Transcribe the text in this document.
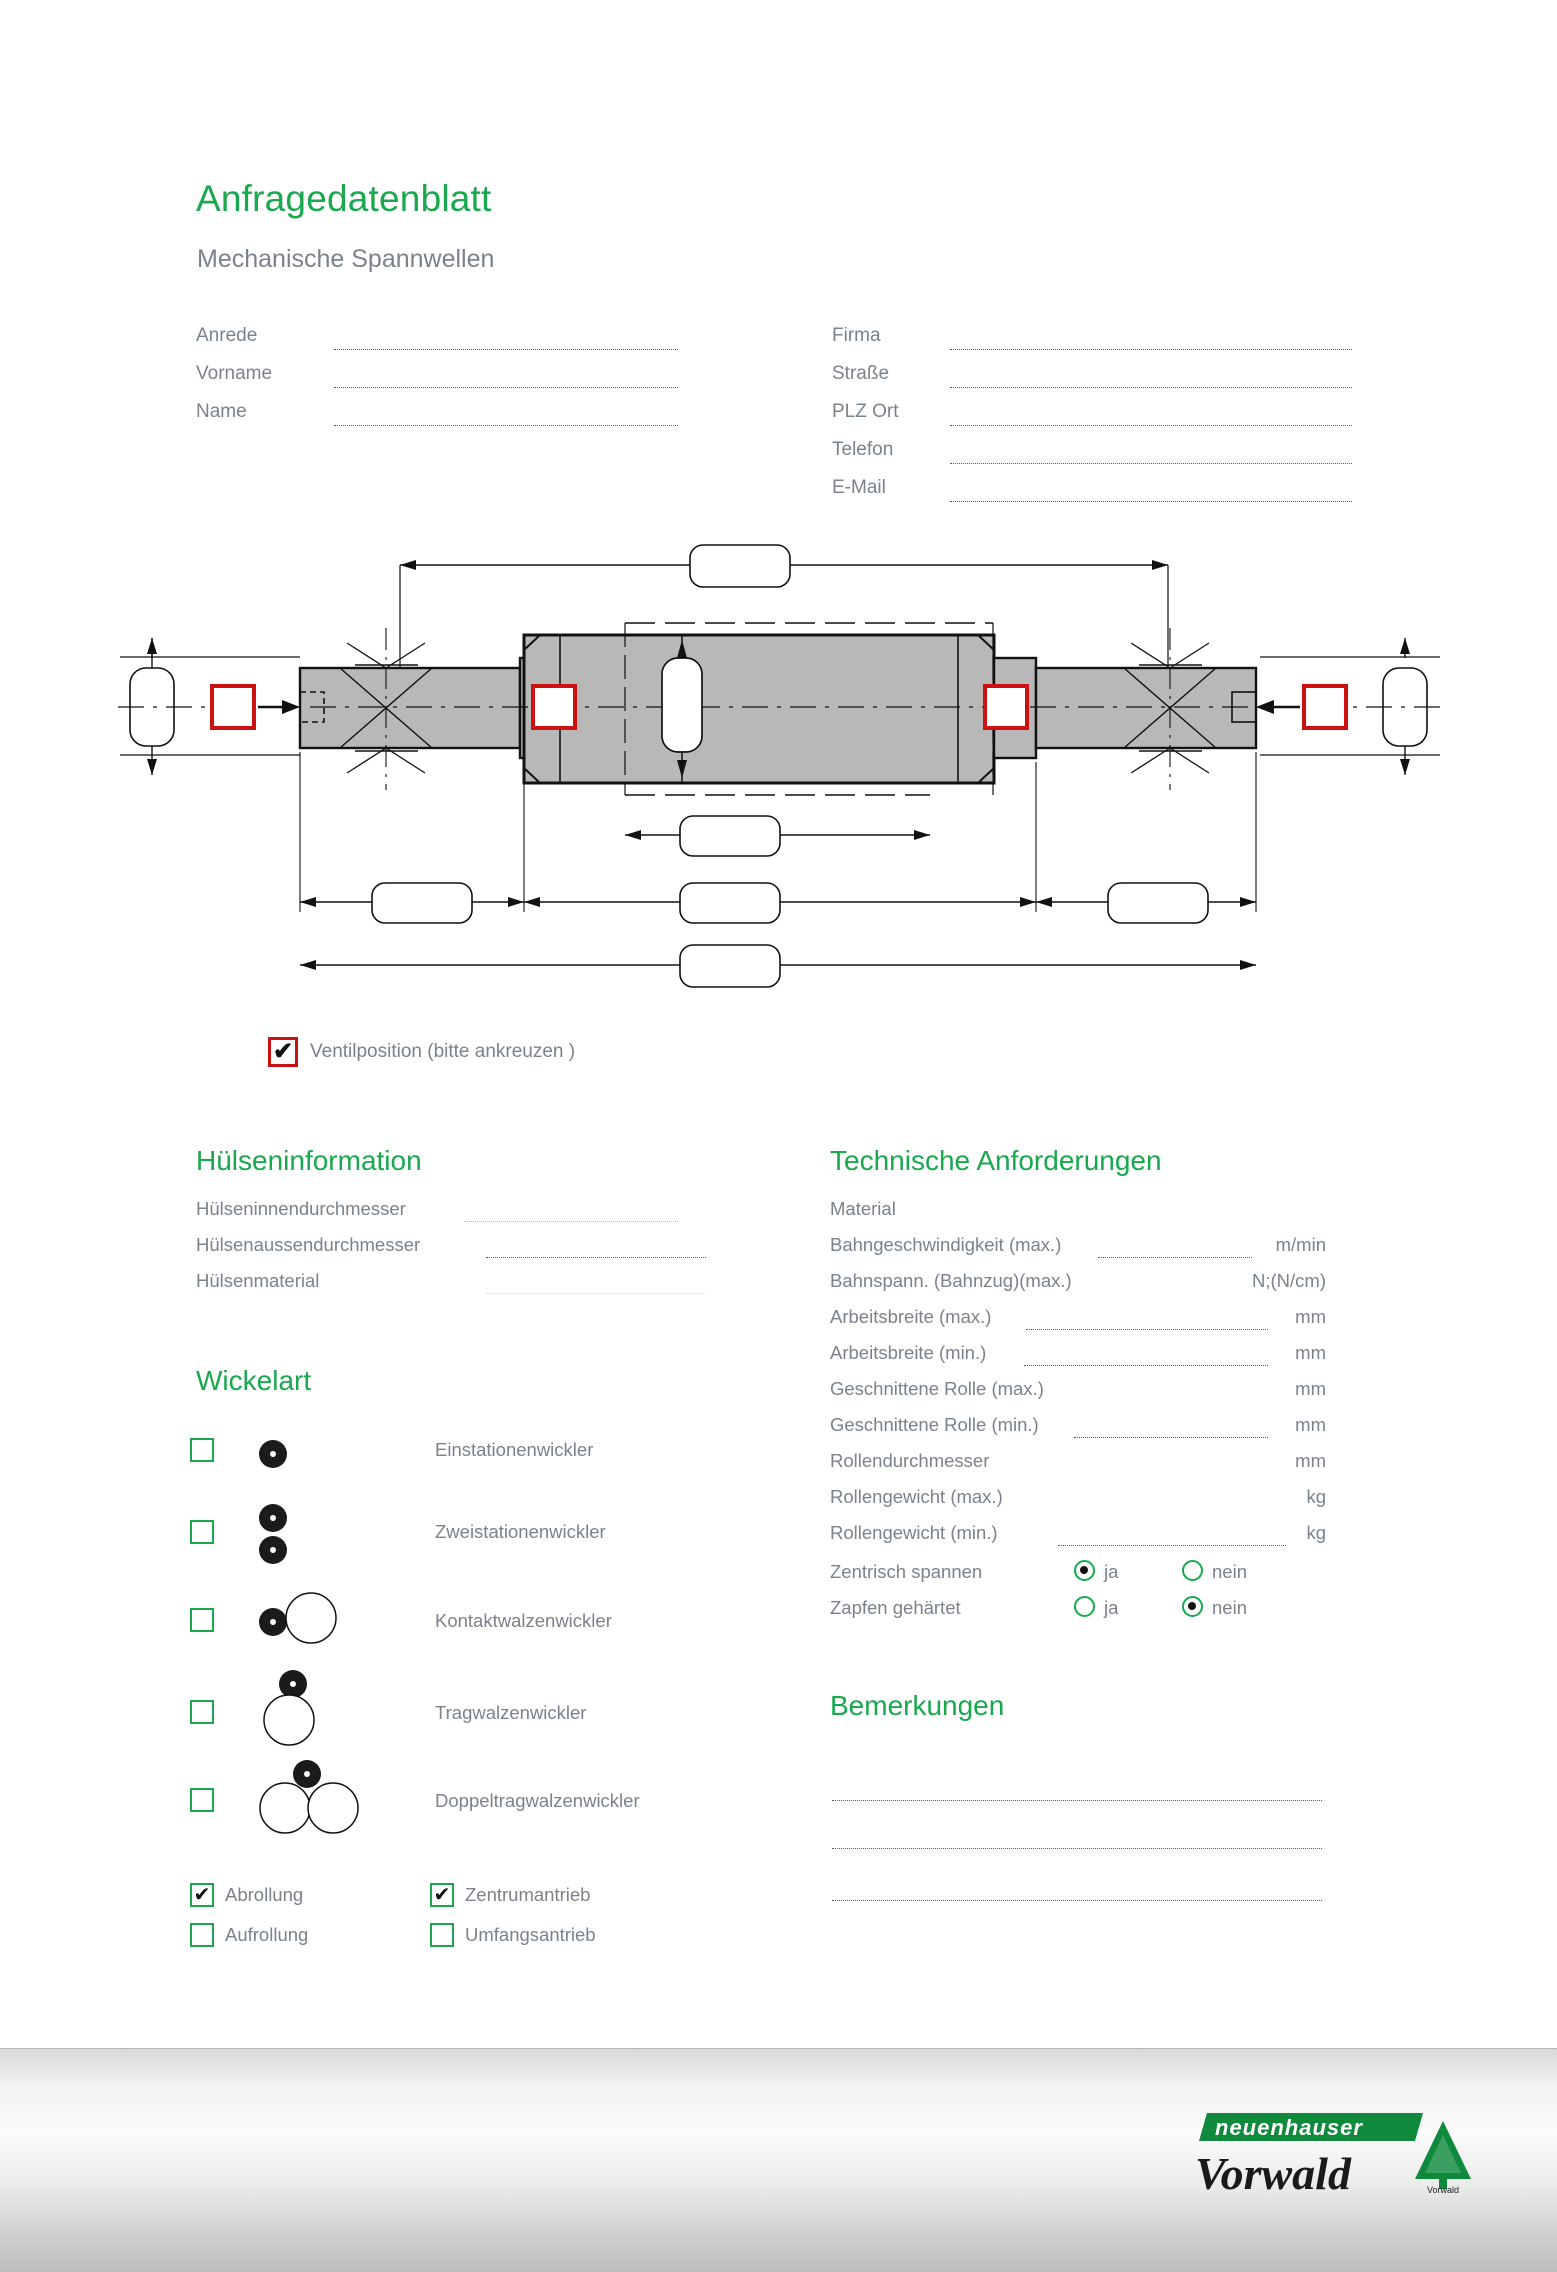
Anfragedatenblatt
Mechanische Spannwellen
Anrede
Vorname
Name
Firma
Straße
PLZ Ort
Telefon
E-Mail
✔ Ventilposition (bitte ankreuzen )
Hülseninformation
Hülseninnendurchmesser
Hülsenaussendurchmesser
Hülsenmaterial
Wickelart
Einstationenwickler
Zweistationenwickler
Kontaktwalzenwickler
Tragwalzenwickler
Doppeltragwalzenwickler
✔ Abrollung
Aufrollung
✔ Zentrumantrieb
Umfangsantrieb
Technische Anforderungen
Material
Bahngeschwindigkeit (max.)	m/min
Bahnspann. (Bahnzug)(max.)	N;(N/cm)
Arbeitsbreite (max.)	mm
Arbeitsbreite (min.)	mm
Geschnittene Rolle (max.)	mm
Geschnittene Rolle (min.)	mm
Rollendurchmesser	mm
Rollengewicht (max.)	kg
Rollengewicht (min.)	kg
Zentrisch spannen	ja	nein
Zapfen gehärtet	ja	nein
Bemerkungen
neuenhauser
Vorwald	Vorwald
